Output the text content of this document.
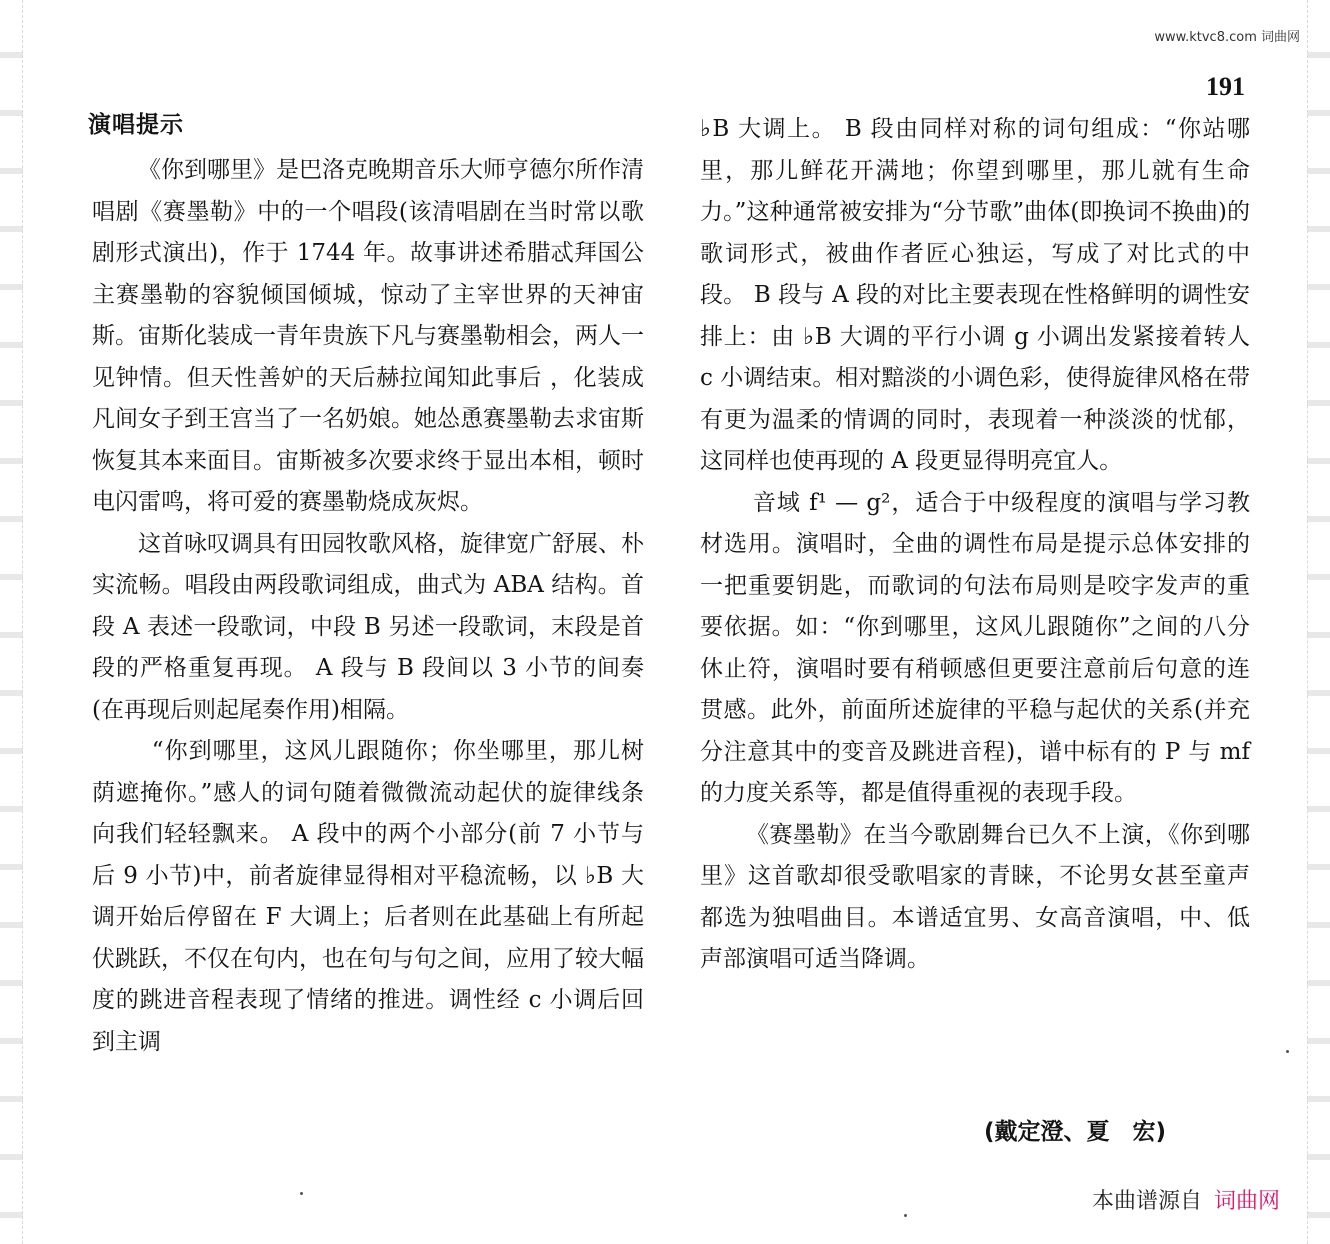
www.ktvc8.com 词曲网
191
演唱提示

《你到哪里》是巴洛克晚期音乐大师亨德尔所作清唱剧《赛墨勒》中的一个唱段(该清唱剧在当时常以歌剧形式演出)，作于 1744 年。故事讲述希腊忒拜国公主赛墨勒的容貌倾国倾城，惊动了主宰世界的天神宙斯。宙斯化装成一青年贵族下凡与赛墨勒相会，两人一见钟情。但天性善妒的天后赫拉闻知此事后 ，化装成凡间女子到王宫当了一名奶娘。她怂恿赛墨勒去求宙斯恢复其本来面目。宙斯被多次要求终于显出本相，顿时电闪雷鸣，将可爱的赛墨勒烧成灰烬。

这首咏叹调具有田园牧歌风格，旋律宽广舒展、朴实流畅。唱段由两段歌词组成，曲式为 ABA 结构。首段 A 表述一段歌词，中段 B 另述一段歌词，末段是首段的严格重复再现。 A 段与 B 段间以 3 小节的间奏(在再现后则起尾奏作用)相隔。

“你到哪里，这风儿跟随你；你坐哪里，那儿树荫遮掩你。”感人的词句随着微微流动起伏的旋律线条向我们轻轻飘来。 A 段中的两个小部分(前 7 小节与后 9 小节)中，前者旋律显得相对平稳流畅，以 ♭B 大调开始后停留在 F 大调上；后者则在此基础上有所起伏跳跃，不仅在句内，也在句与句之间，应用了较大幅度的跳进音程表现了情绪的推进。调性经 c 小调后回到主调

♭B 大调上。 B 段由同样对称的词句组成：“你站哪里，那儿鲜花开满地；你望到哪里，那儿就有生命力。”这种通常被安排为“分节歌”曲体(即换词不换曲)的歌词形式，被曲作者匠心独运，写成了对比式的中段。 B 段与 A 段的对比主要表现在性格鲜明的调性安排上：由 ♭B 大调的平行小调 g 小调出发紧接着转人 c 小调结束。相对黯淡的小调色彩，使得旋律风格在带有更为温柔的情调的同时，表现着一种淡淡的忧郁，这同样也使再现的 A 段更显得明亮宜人。

音域 f¹ — g²，适合于中级程度的演唱与学习教材选用。演唱时，全曲的调性布局是提示总体安排的一把重要钥匙，而歌词的句法布局则是咬字发声的重要依据。如：“你到哪里，这风儿跟随你”之间的八分休止符，演唱时要有稍顿感但更要注意前后句意的连贯感。此外，前面所述旋律的平稳与起伏的关系(并充分注意其中的变音及跳进音程)，谱中标有的 P 与 mf 的力度关系等，都是值得重视的表现手段。

《赛墨勒》在当今歌剧舞台已久不上演，《你到哪里》这首歌却很受歌唱家的青睐，不论男女甚至童声都选为独唱曲目。本谱适宜男、女高音演唱，中、低声部演唱可适当降调。

(戴定澄、夏　宏)
本曲谱源自 词曲网
